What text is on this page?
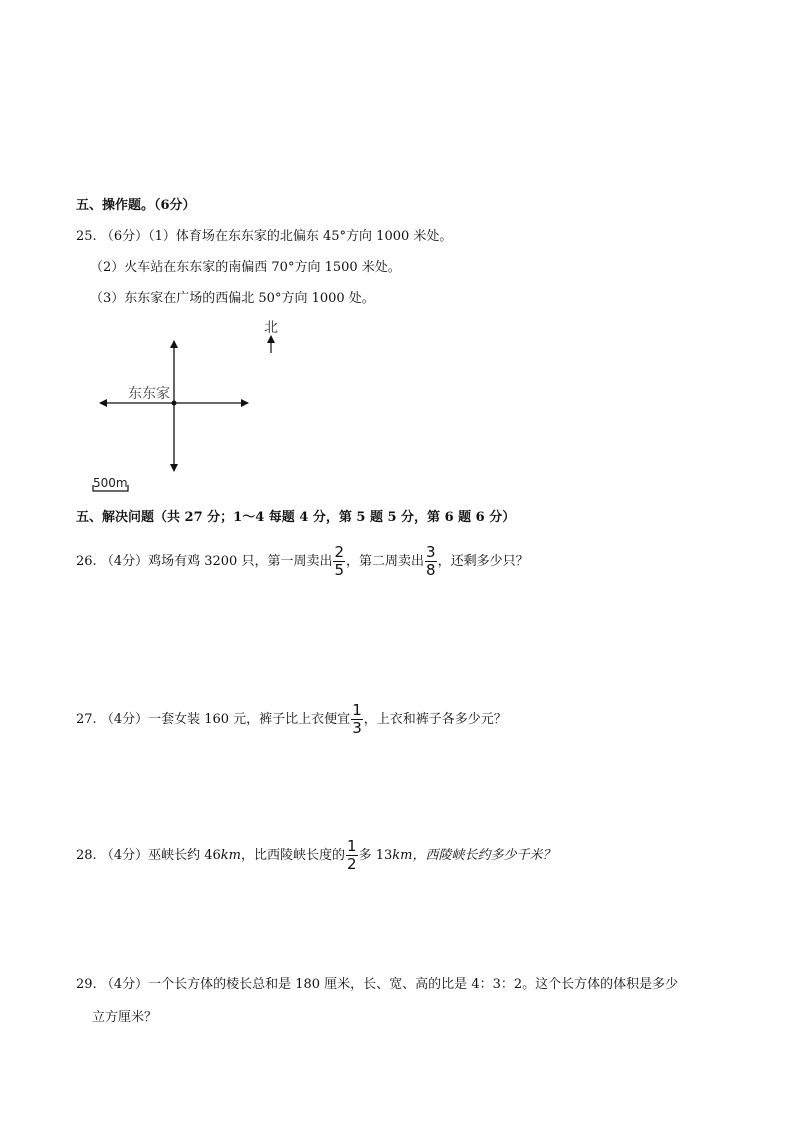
五、操作题。（6分）
25. （6分）（1）体育场在东东家的北偏东 45°方向 1000 米处。
（2）火车站在东东家的南偏西 70°方向 1500 米处。
（3）东东家在广场的西偏北 50°方向 1000 处。
东东家
北
500m
五、解决问题（共 27 分；1～4 每题 4 分，第 5 题 5 分，第 6 题 6 分）
26. （4分）鸡场有鸡 3200 只，第一周卖出 $\frac{2}{5}$ ，第二周卖出 $\frac{3}{8}$ ，还剩多少只？
27. （4分）一套女装 160 元，裤子比上衣便宜 $\frac{1}{3}$ ，上衣和裤子各多少元？
28. （4分）巫峡长约 46km，比西陵峡长度的 $\frac{1}{2}$ 多 13km，西陵峡长约多少千米？
29. （4分）一个长方体的棱长总和是 180 厘米，长、宽、高的比是 4：3：2。这个长方体的体积是多少
立方厘米？
